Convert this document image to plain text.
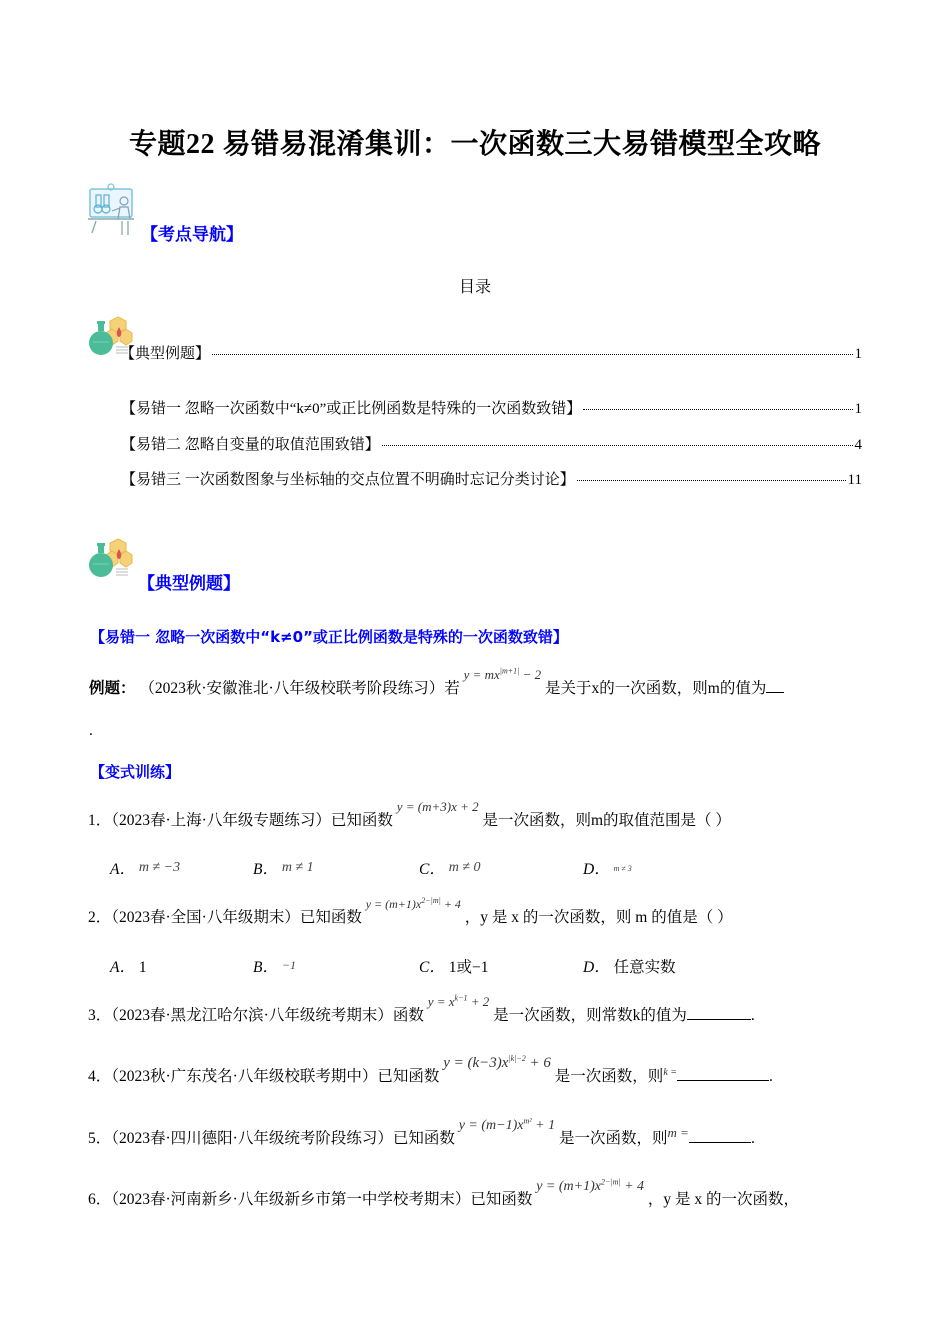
专题22 易错易混淆集训：一次函数三大易错模型全攻略
【考点导航】
目录
【典型例题】	1
【易错一 忽略一次函数中“k≠0”或正比例函数是特殊的一次函数致错】	1
【易错二 忽略自变量的取值范围致错】	4
【易错三 一次函数图象与坐标轴的交点位置不明确时忘记分类讨论】	11
【典型例题】
【易错一 忽略一次函数中“k≠0”或正比例函数是特殊的一次函数致错】
例题： （2023秋·安徽淮北·八年级校联考阶段练习）若 $^{y = mx^{|m+1|} - 2}$ 是关于x的一次函数，则m的值为
.
【变式训练】
1．（2023春·上海·八年级专题练习）已知函数 $^{y = (m+3)x + 2}$ 是一次函数，则m的取值范围是（ ）
A． m ≠ −3	B． m ≠ 1	C． m ≠ 0	D． m ≠ 3
2．（2023春·全国·八年级期末）已知函数 $^{y = (m+1)x^{2-|m|} + 4}$ ，y 是 x 的一次函数，则 m 的值是（ ）
A． 1	B． −1	C． 1或−1	D． 任意实数
3．（2023春·黑龙江哈尔滨·八年级统考期末）函数 $^{y = x^{k-1} + 2}$ 是一次函数，则常数k的值为	.
4．（2023秋·广东茂名·八年级校联考期中）已知函数 $y = (k-3)x^{|k|-2} + 6$ 是一次函数，则$^{k =}$	.
5．（2023春·四川德阳·八年级统考阶段练习）已知函数 $y = (m-1)x^{m^2} + 1$ 是一次函数，则$^{m =}$	.
6．（2023春·河南新乡·八年级新乡市第一中学校考期末）已知函数 $y = (m+1)x^{2-|m|} + 4$ ，y 是 x 的一次函数，
